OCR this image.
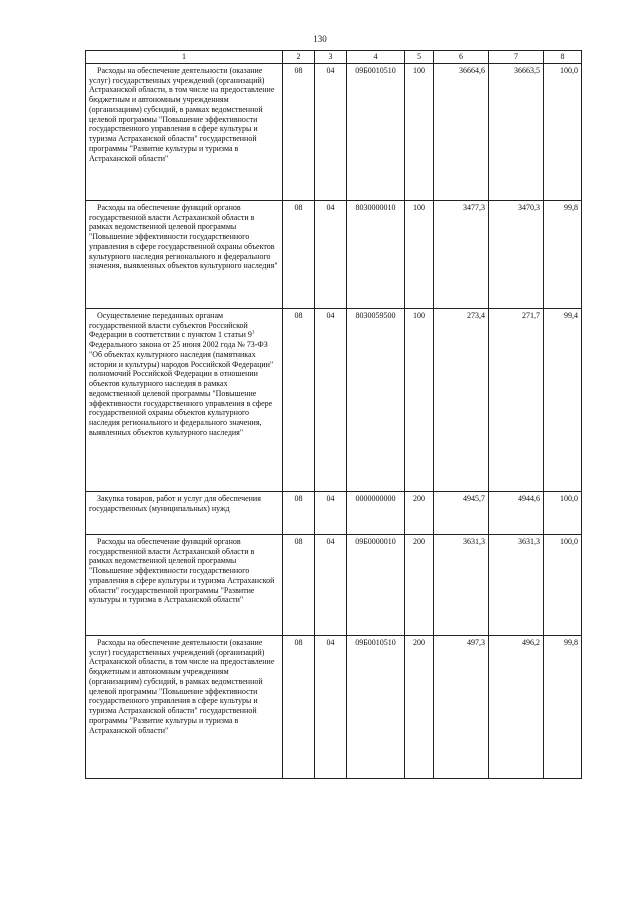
130
1	2	3	4	5	6	7	8
Расходы на обеспечение деятельности (оказание услуг) государственных учреждений (организаций) Астраханской области, в том числе на предоставление бюджетным и автономным учреждениям (организациям) субсидий, в рамках ведомственной целевой программы "Повышение эффективности государственного управления в сфере культуры и туризма Астраханской области" государственной программы "Развитие культуры и туризма в Астраханской области"	08	04	09Б0010510	100	36664,6	36663,5	100,0
Расходы на обеспечение функций органов государственной власти Астраханской области в рамках ведомственной целевой программы "Повышение эффективности государственного управления в сфере государственной охраны объектов культурного наследия регионального и федерального значения, выявленных объектов культурного наследия"	08	04	8030000010	100	3477,3	3470,3	99,8
Осуществление переданных органам государственной власти субъектов Российской Федерации в соответствии с пунктом 1 статьи $9^1$ Федерального закона от 25 июня 2002 года № 73-ФЗ "Об объектах культурного наследия (памятниках истории и культуры) народов Российской Федерации" полномочий Российской Федерации в отношении объектов культурного наследия в рамках ведомственной целевой программы "Повышение эффективности государственного управления в сфере государственной охраны объектов культурного наследия регионального и федерального значения, выявленных объектов культурного наследия"	08	04	8030059500	100	273,4	271,7	99,4
Закупка товаров, работ и услуг для обеспечения государственных (муниципальных) нужд	08	04	0000000000	200	4945,7	4944,6	100,0
Расходы на обеспечение функций органов государственной власти Астраханской области в рамках ведомственной целевой программы "Повышение эффективности государственного управления в сфере культуры и туризма Астраханской области" государственной программы "Развитие культуры и туризма в Астраханской области"	08	04	09Б0000010	200	3631,3	3631,3	100,0
Расходы на обеспечение деятельности (оказание услуг) государственных учреждений (организаций) Астраханской области, в том числе на предоставление бюджетным и автономным учреждениям (организациям) субсидий, в рамках ведомственной целевой программы "Повышение эффективности государственного управления в сфере культуры и туризма Астраханской области" государственной программы "Развитие культуры и туризма в Астраханской области"	08	04	09Б0010510	200	497,3	496,2	99,8
